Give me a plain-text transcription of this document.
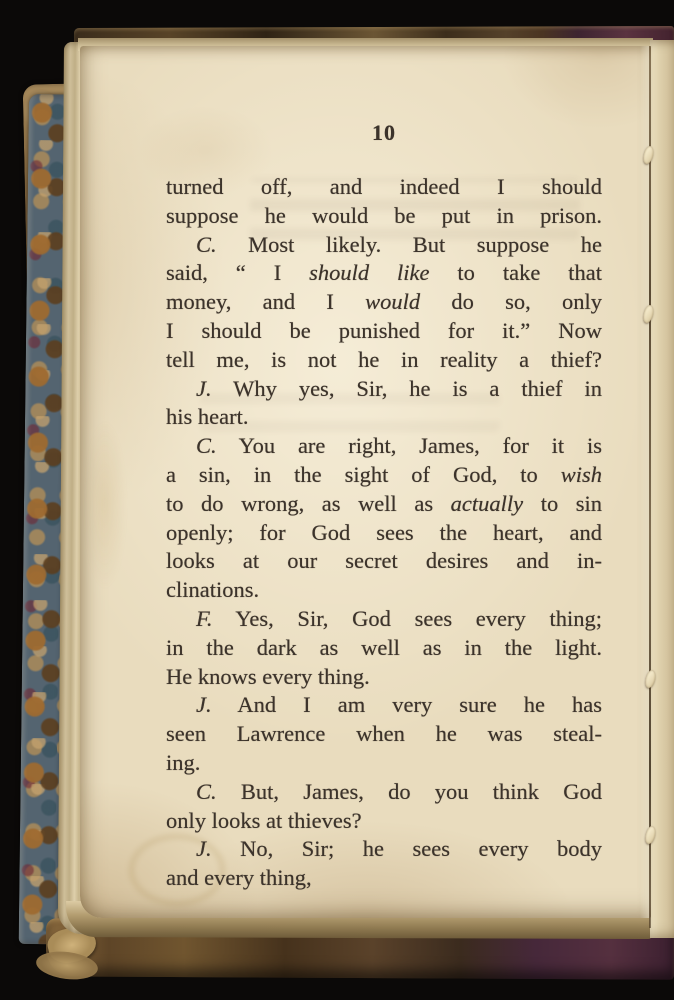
10
turned off, and indeed I should
suppose he would be put in prison.
C. Most likely. But suppose he
said, “ I should like to take that
money, and I would do so, only
I should be punished for it.” Now
tell me, is not he in reality a thief?
J. Why yes, Sir, he is a thief in
his heart.
C. You are right, James, for it is
a sin, in the sight of God, to wish
to do wrong, as well as actually to sin
openly; for God sees the heart, and
looks at our secret desires and in-
clinations.
F. Yes, Sir, God sees every thing;
in the dark as well as in the light.
He knows every thing.
J. And I am very sure he has
seen Lawrence when he was steal-
ing.
C. But, James, do you think God
only looks at thieves?
J. No, Sir; he sees every body
and every thing,
